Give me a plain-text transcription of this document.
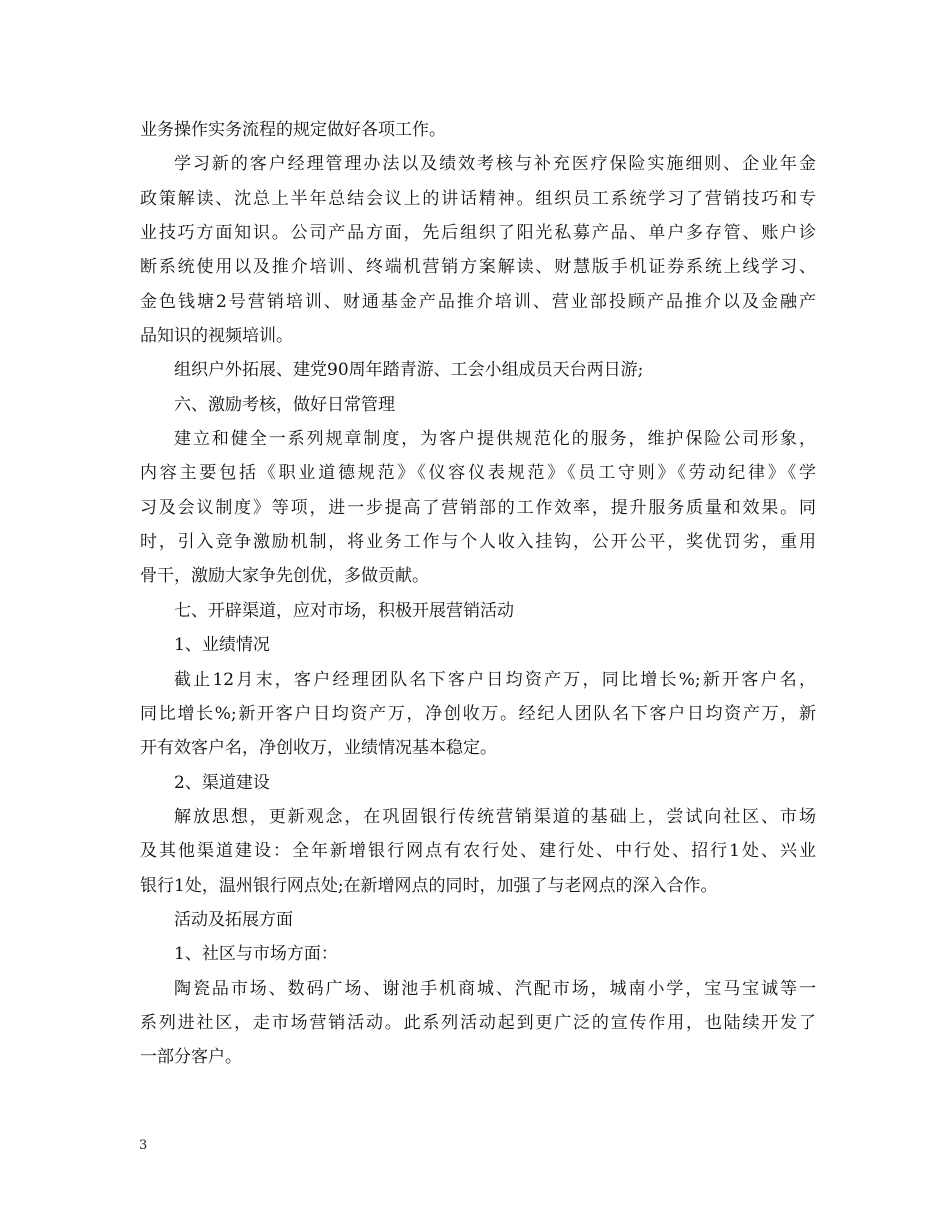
业务操作实务流程的规定做好各项工作。
学习新的客户经理管理办法以及绩效考核与补充医疗保险实施细则、企业年金
政策解读、沈总上半年总结会议上的讲话精神。组织员工系统学习了营销技巧和专
业技巧方面知识。公司产品方面，先后组织了阳光私募产品、单户多存管、账户诊
断系统使用以及推介培训、终端机营销方案解读、财慧版手机证券系统上线学习、
金色钱塘2号营销培训、财通基金产品推介培训、营业部投顾产品推介以及金融产
品知识的视频培训。
组织户外拓展、建党90周年踏青游、工会小组成员天台两日游;
六、激励考核，做好日常管理
建立和健全一系列规章制度，为客户提供规范化的服务，维护保险公司形象，
内容主要包括《职业道德规范》《仪容仪表规范》《员工守则》《劳动纪律》《学
习及会议制度》等项，进一步提高了营销部的工作效率，提升服务质量和效果。同
时，引入竞争激励机制，将业务工作与个人收入挂钩，公开公平，奖优罚劣，重用
骨干，激励大家争先创优，多做贡献。
七、开辟渠道，应对市场，积极开展营销活动
1、业绩情况
截止12月末，客户经理团队名下客户日均资产万，同比增长%;新开客户名，
同比增长%;新开客户日均资产万，净创收万。经纪人团队名下客户日均资产万，新
开有效客户名，净创收万，业绩情况基本稳定。
2、渠道建设
解放思想，更新观念，在巩固银行传统营销渠道的基础上，尝试向社区、市场
及其他渠道建设：全年新增银行网点有农行处、建行处、中行处、招行1处、兴业
银行1处，温州银行网点处;在新增网点的同时，加强了与老网点的深入合作。
活动及拓展方面
1、社区与市场方面：
陶瓷品市场、数码广场、谢池手机商城、汽配市场，城南小学，宝马宝诚等一
系列进社区，走市场营销活动。此系列活动起到更广泛的宣传作用，也陆续开发了
一部分客户。
3
